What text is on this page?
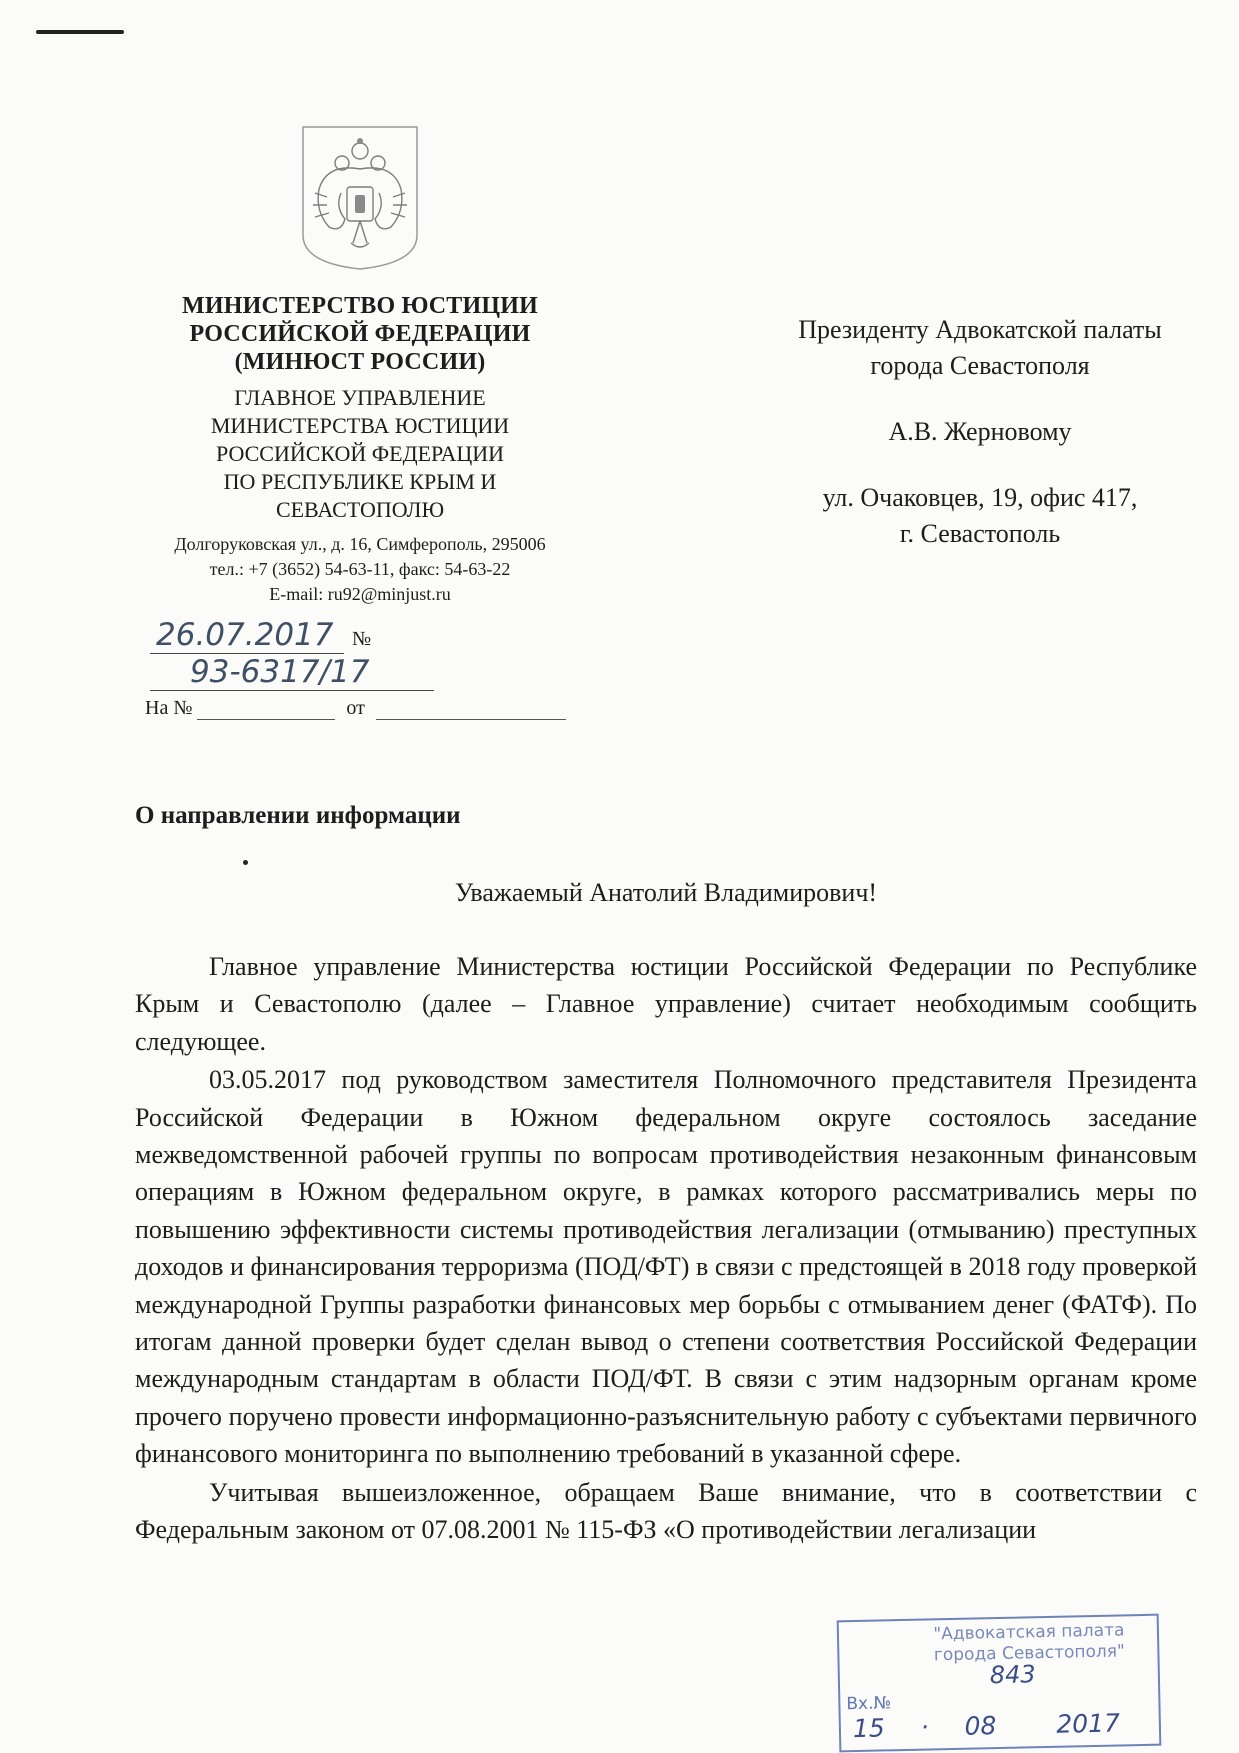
МИНИСТЕРСТВО ЮСТИЦИИ
РОССИЙСКОЙ ФЕДЕРАЦИИ
(МИНЮСТ РОССИИ)
ГЛАВНОЕ УПРАВЛЕНИЕ
МИНИСТЕРСТВА ЮСТИЦИИ
РОССИЙСКОЙ ФЕДЕРАЦИИ
ПО РЕСПУБЛИКЕ КРЫМ И
СЕВАСТОПОЛЮ
Долгоруковская ул., д. 16, Симферополь, 295006
тел.: +7 (3652) 54-63-11, факс: 54-63-22
E-mail: ru92@minjust.ru
26.07.2017 № 93-6317/17
На №	от

Президенту Адвокатской палаты

города Севастополя

А.В. Жерновому

ул. Очаковцев, 19, офис 417,

г. Севастополь

О направлении информации
Уважаемый Анатолий Владимирович!

Главное управление Министерства юстиции Российской Федерации по Республике Крым и Севастополю (далее – Главное управление) считает необходимым сообщить следующее.

03.05.2017 под руководством заместителя Полномочного представителя Президента Российской Федерации в Южном федеральном округе состоялось заседание межведомственной рабочей группы по вопросам противодействия незаконным финансовым операциям в Южном федеральном округе, в рамках которого рассматривались меры по повышению эффективности системы противодействия легализации (отмыванию) преступных доходов и финансирования терроризма (ПОД/ФТ) в связи с предстоящей в 2018 году проверкой международной Группы разработки финансовых мер борьбы с отмыванием денег (ФАТФ). По итогам данной проверки будет сделан вывод о степени соответствия Российской Федерации международным стандартам в области ПОД/ФТ. В связи с этим надзорным органам кроме прочего поручено провести информационно-разъяснительную работу с субъектами первичного финансового мониторинга по выполнению требований в указанной сфере.

Учитывая вышеизложенное, обращаем Ваше внимание, что в соответствии с Федеральным законом от 07.08.2001 № 115-ФЗ «О противодействии легализации

"Адвокатская палата
города Севастополя"
Вх.№
843
15 · 08 2017
